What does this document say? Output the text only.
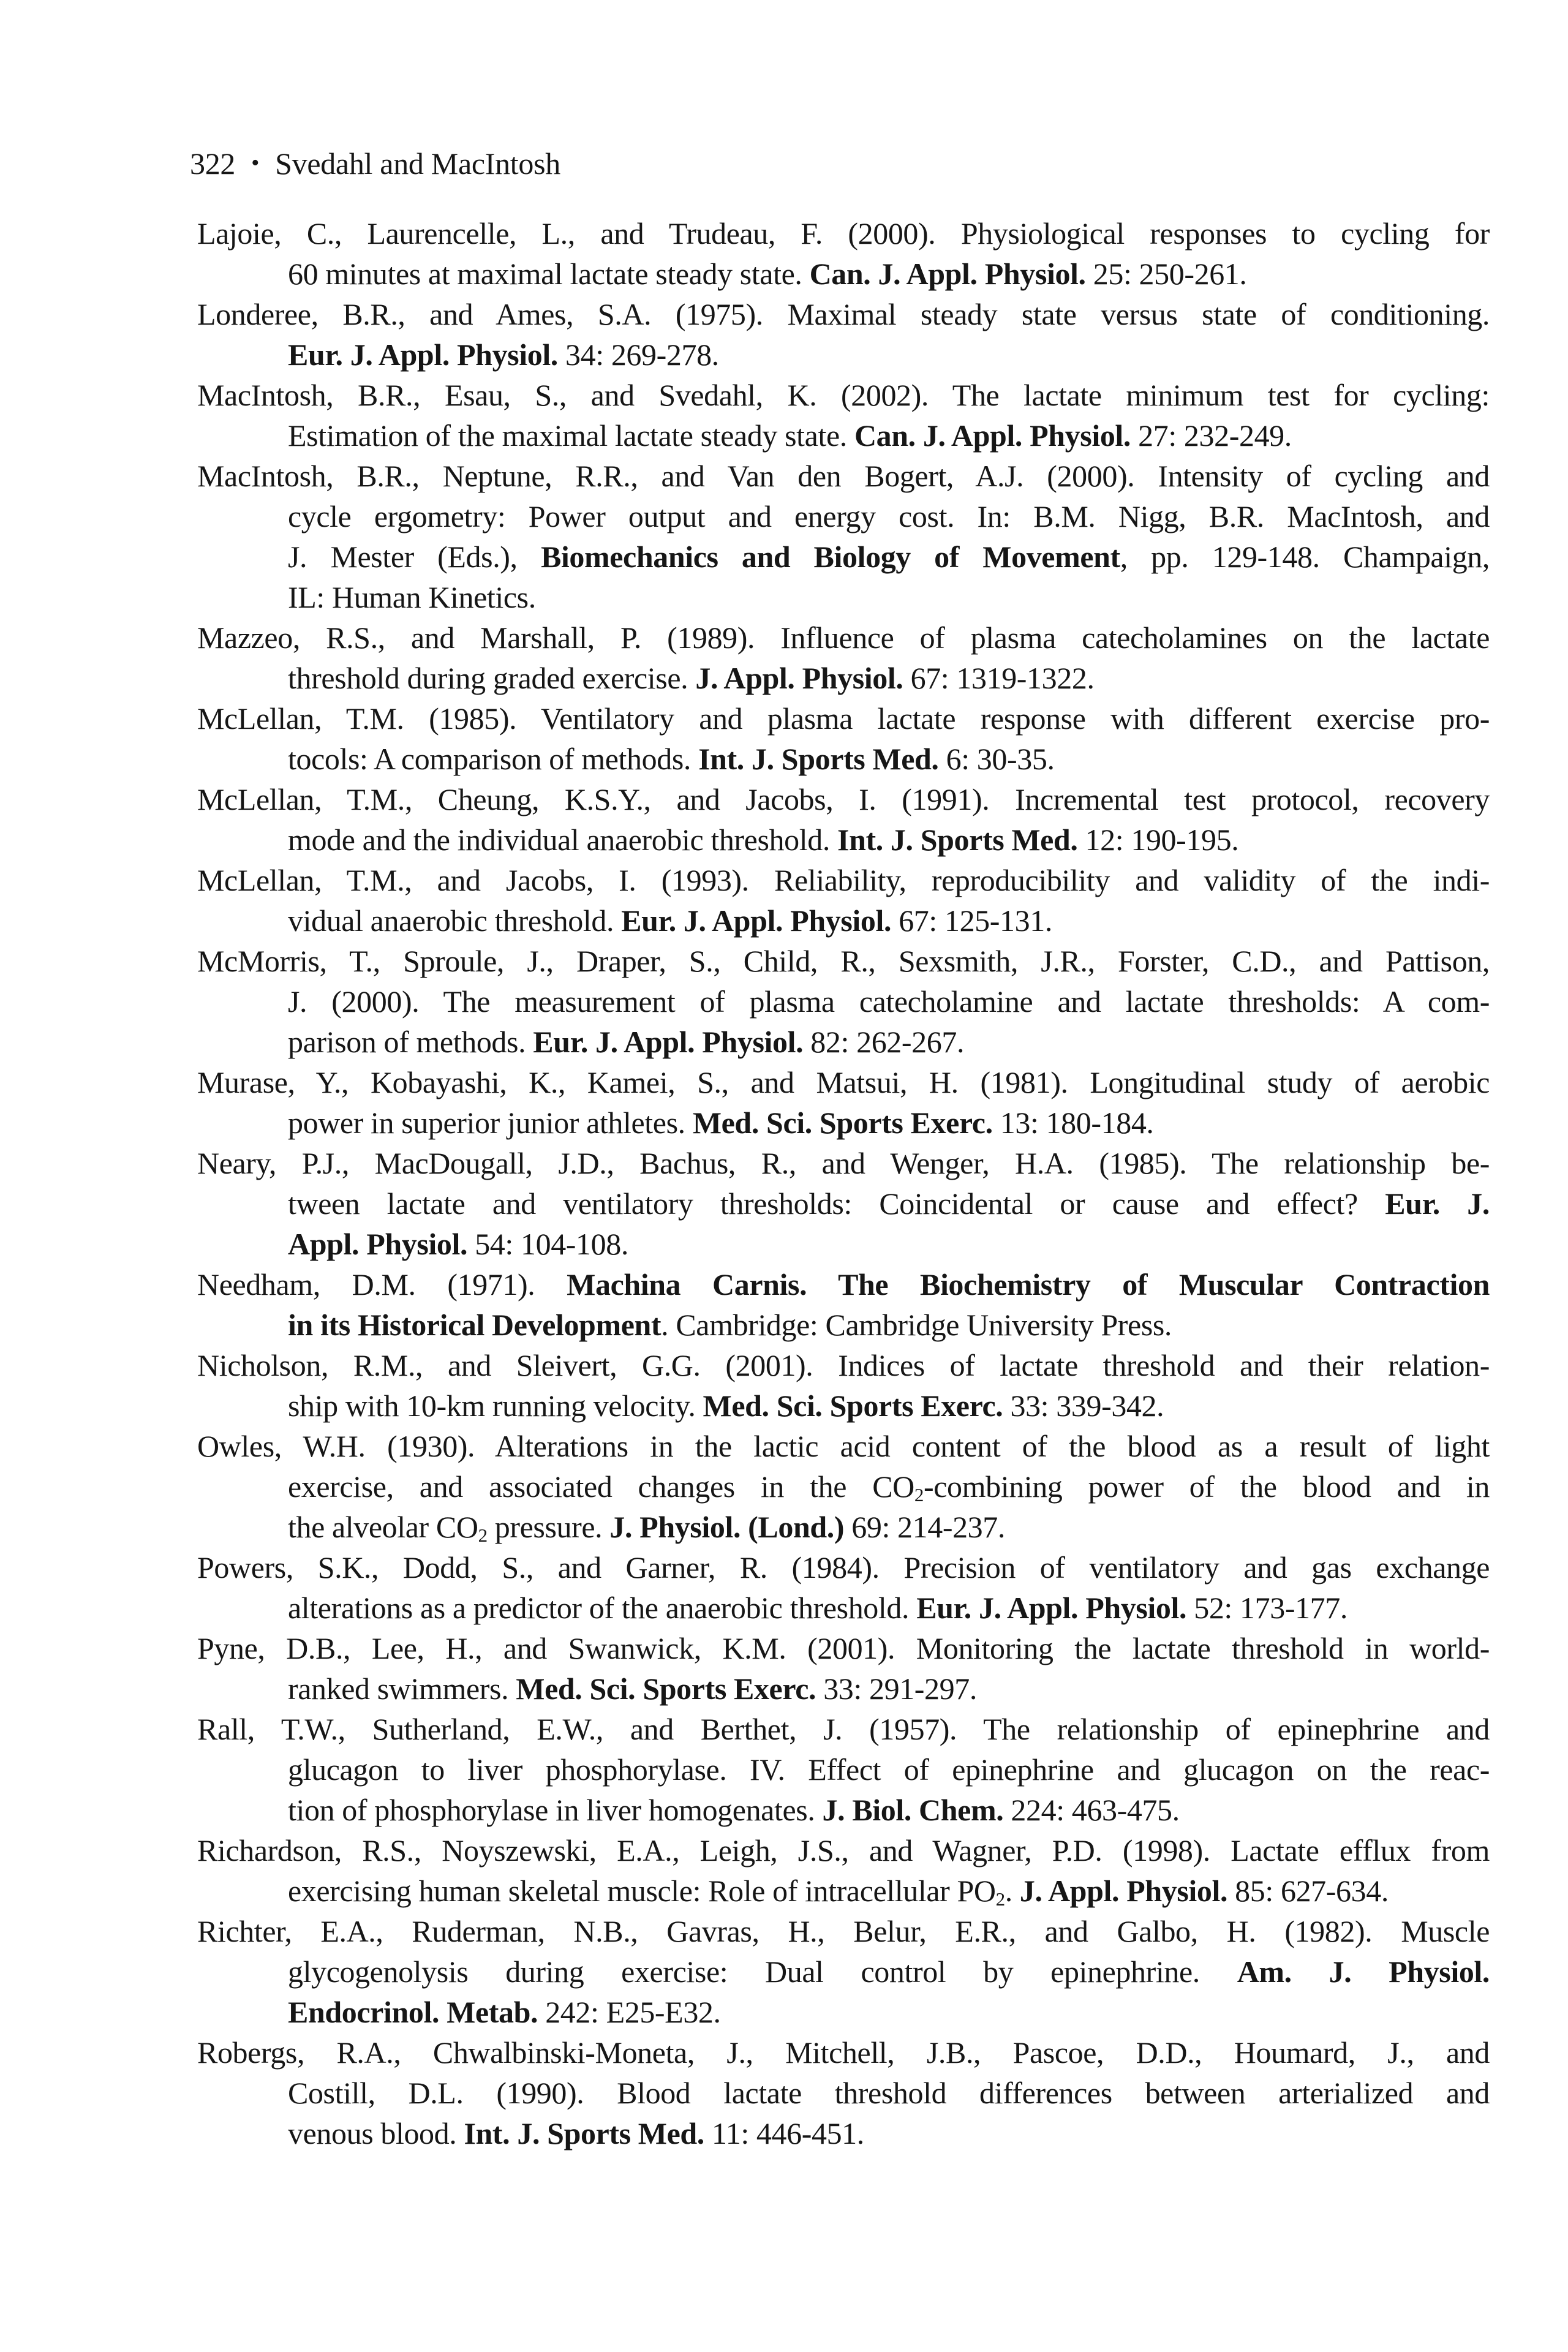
322 • Svedahl and MacIntosh
Lajoie, C., Laurencelle, L., and Trudeau, F. (2000). Physiological responses to cycling for
60 minutes at maximal lactate steady state. Can. J. Appl. Physiol. 25: 250-261.
Londeree, B.R., and Ames, S.A. (1975). Maximal steady state versus state of conditioning.
Eur. J. Appl. Physiol. 34: 269-278.
MacIntosh, B.R., Esau, S., and Svedahl, K. (2002). The lactate minimum test for cycling:
Estimation of the maximal lactate steady state. Can. J. Appl. Physiol. 27: 232-249.
MacIntosh, B.R., Neptune, R.R., and Van den Bogert, A.J. (2000). Intensity of cycling and
cycle ergometry: Power output and energy cost. In: B.M. Nigg, B.R. MacIntosh, and
J. Mester (Eds.), Biomechanics and Biology of Movement, pp. 129-148. Champaign,
IL: Human Kinetics.
Mazzeo, R.S., and Marshall, P. (1989). Influence of plasma catecholamines on the lactate
threshold during graded exercise. J. Appl. Physiol. 67: 1319-1322.
McLellan, T.M. (1985). Ventilatory and plasma lactate response with different exercise pro-
tocols: A comparison of methods. Int. J. Sports Med. 6: 30-35.
McLellan, T.M., Cheung, K.S.Y., and Jacobs, I. (1991). Incremental test protocol, recovery
mode and the individual anaerobic threshold. Int. J. Sports Med. 12: 190-195.
McLellan, T.M., and Jacobs, I. (1993). Reliability, reproducibility and validity of the indi-
vidual anaerobic threshold. Eur. J. Appl. Physiol. 67: 125-131.
McMorris, T., Sproule, J., Draper, S., Child, R., Sexsmith, J.R., Forster, C.D., and Pattison,
J. (2000). The measurement of plasma catecholamine and lactate thresholds: A com-
parison of methods. Eur. J. Appl. Physiol. 82: 262-267.
Murase, Y., Kobayashi, K., Kamei, S., and Matsui, H. (1981). Longitudinal study of aerobic
power in superior junior athletes. Med. Sci. Sports Exerc. 13: 180-184.
Neary, P.J., MacDougall, J.D., Bachus, R., and Wenger, H.A. (1985). The relationship be-
tween lactate and ventilatory thresholds: Coincidental or cause and effect? Eur. J.
Appl. Physiol. 54: 104-108.
Needham, D.M. (1971). Machina Carnis. The Biochemistry of Muscular Contraction
in its Historical Development. Cambridge: Cambridge University Press.
Nicholson, R.M., and Sleivert, G.G. (2001). Indices of lactate threshold and their relation-
ship with 10-km running velocity. Med. Sci. Sports Exerc. 33: 339-342.
Owles, W.H. (1930). Alterations in the lactic acid content of the blood as a result of light
exercise, and associated changes in the $CO_2$-combining power of the blood and in
the alveolar $CO_2$ pressure. J. Physiol. (Lond.) 69: 214-237.
Powers, S.K., Dodd, S., and Garner, R. (1984). Precision of ventilatory and gas exchange
alterations as a predictor of the anaerobic threshold. Eur. J. Appl. Physiol. 52: 173-177.
Pyne, D.B., Lee, H., and Swanwick, K.M. (2001). Monitoring the lactate threshold in world-
ranked swimmers. Med. Sci. Sports Exerc. 33: 291-297.
Rall, T.W., Sutherland, E.W., and Berthet, J. (1957). The relationship of epinephrine and
glucagon to liver phosphorylase. IV. Effect of epinephrine and glucagon on the reac-
tion of phosphorylase in liver homogenates. J. Biol. Chem. 224: 463-475.
Richardson, R.S., Noyszewski, E.A., Leigh, J.S., and Wagner, P.D. (1998). Lactate efflux from
exercising human skeletal muscle: Role of intracellular $PO_2$. J. Appl. Physiol. 85: 627-634.
Richter, E.A., Ruderman, N.B., Gavras, H., Belur, E.R., and Galbo, H. (1982). Muscle
glycogenolysis during exercise: Dual control by epinephrine. Am. J. Physiol.
Endocrinol. Metab. 242: E25-E32.
Robergs, R.A., Chwalbinski-Moneta, J., Mitchell, J.B., Pascoe, D.D., Houmard, J., and
Costill, D.L. (1990). Blood lactate threshold differences between arterialized and
venous blood. Int. J. Sports Med. 11: 446-451.
